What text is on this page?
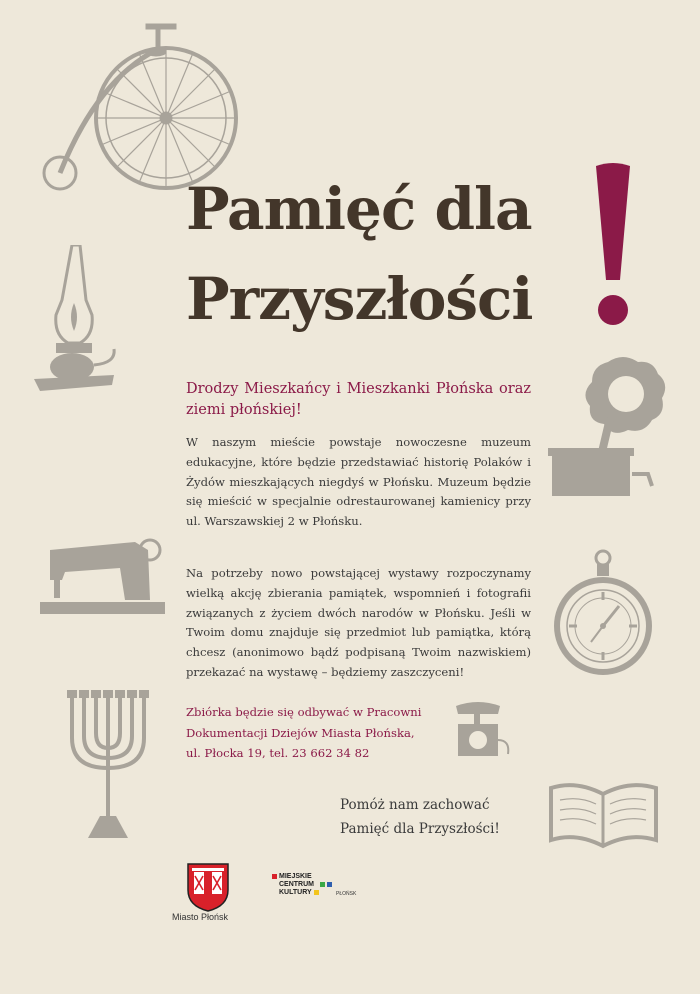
Pamięć dla
Przyszłości

Drodzy Mieszkańcy i Mieszkanki Płońska oraz ziemi płońskiej!

W naszym mieście powstaje nowoczesne muzeum edukacyjne, które będzie przedstawiać historię Polaków i Żydów mieszkających niegdyś w Płońsku. Muzeum będzie się mieścić w specjalnie odrestaurowanej kamienicy przy ul. Warszawskiej 2 w Płońsku.

Na potrzeby nowo powstającej wystawy rozpoczynamy wielką akcję zbierania pamiątek, wspomnień i fotografii związanych z życiem dwóch narodów w Płońsku. Jeśli w Twoim domu znajduje się przedmiot lub pamiątka, którą chcesz (anonimowo bądź podpisaną Twoim nazwiskiem) przekazać na wystawę – będziemy zaszczyceni!

Zbiórka będzie się odbywać w Pracowni
Dokumentacji Dziejów Miasta Płońska,
ul. Płocka 19, tel. 23 662 34 82

Pomóż nam zachować
Pamięć dla Przyszłości!

Miasto Płońsk
MIEJSKIE
CENTRUM
KULTURY	PŁOŃSK
